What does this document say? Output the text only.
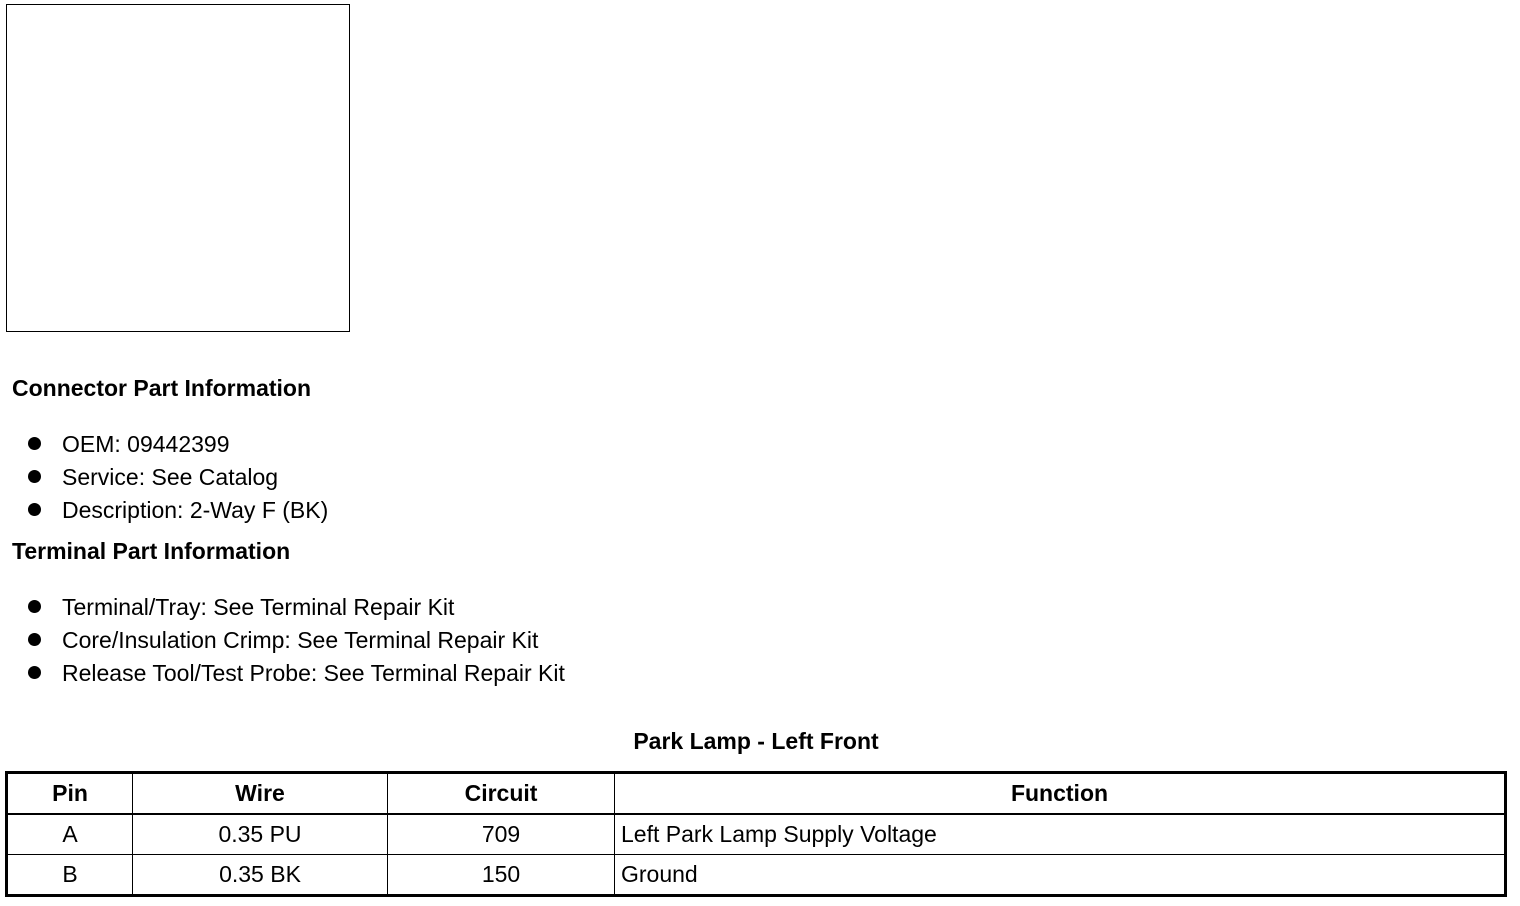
Connector Part Information
OEM: 09442399
Service: See Catalog
Description: 2-Way F (BK)
Terminal Part Information
Terminal/Tray: See Terminal Repair Kit
Core/Insulation Crimp: See Terminal Repair Kit
Release Tool/Test Probe: See Terminal Repair Kit
Park Lamp - Left Front
Pin	Wire	Circuit	Function
A	0.35 PU	709	Left Park Lamp Supply Voltage
B	0.35 BK	150	Ground
